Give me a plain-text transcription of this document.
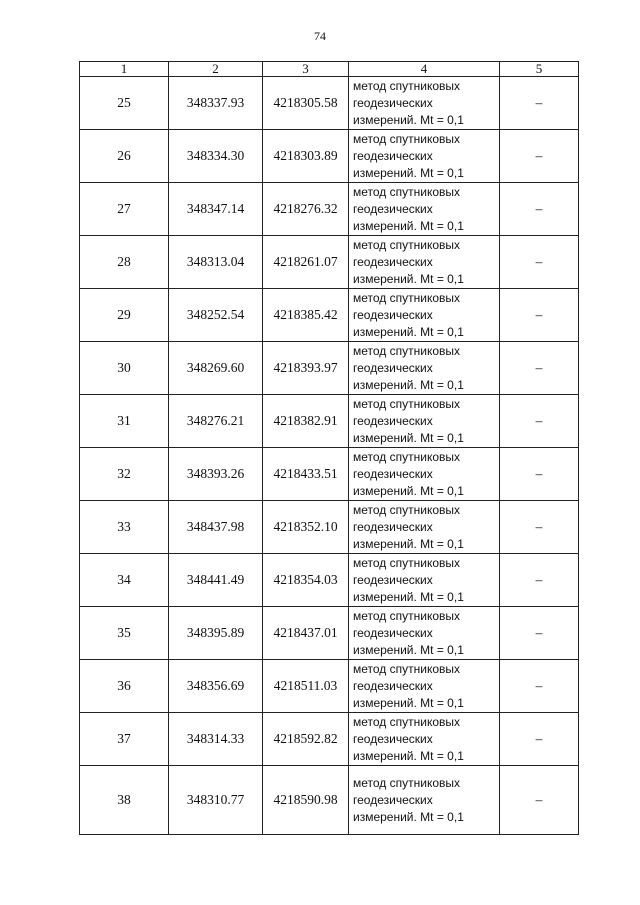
74
1	2	3	4	5
25	348337.93	4218305.58	метод спутниковых геодезических измерений. Mt = 0,1	–
26	348334.30	4218303.89	метод спутниковых геодезических измерений. Mt = 0,1	–
27	348347.14	4218276.32	метод спутниковых геодезических измерений. Mt = 0,1	–
28	348313.04	4218261.07	метод спутниковых геодезических измерений. Mt = 0,1	–
29	348252.54	4218385.42	метод спутниковых геодезических измерений. Mt = 0,1	–
30	348269.60	4218393.97	метод спутниковых геодезических измерений. Mt = 0,1	–
31	348276.21	4218382.91	метод спутниковых геодезических измерений. Mt = 0,1	–
32	348393.26	4218433.51	метод спутниковых геодезических измерений. Mt = 0,1	–
33	348437.98	4218352.10	метод спутниковых геодезических измерений. Mt = 0,1	–
34	348441.49	4218354.03	метод спутниковых геодезических измерений. Mt = 0,1	–
35	348395.89	4218437.01	метод спутниковых геодезических измерений. Mt = 0,1	–
36	348356.69	4218511.03	метод спутниковых геодезических измерений. Mt = 0,1	–
37	348314.33	4218592.82	метод спутниковых геодезических измерений. Mt = 0,1	–
38	348310.77	4218590.98	метод спутниковых геодезических измерений. Mt = 0,1	–
